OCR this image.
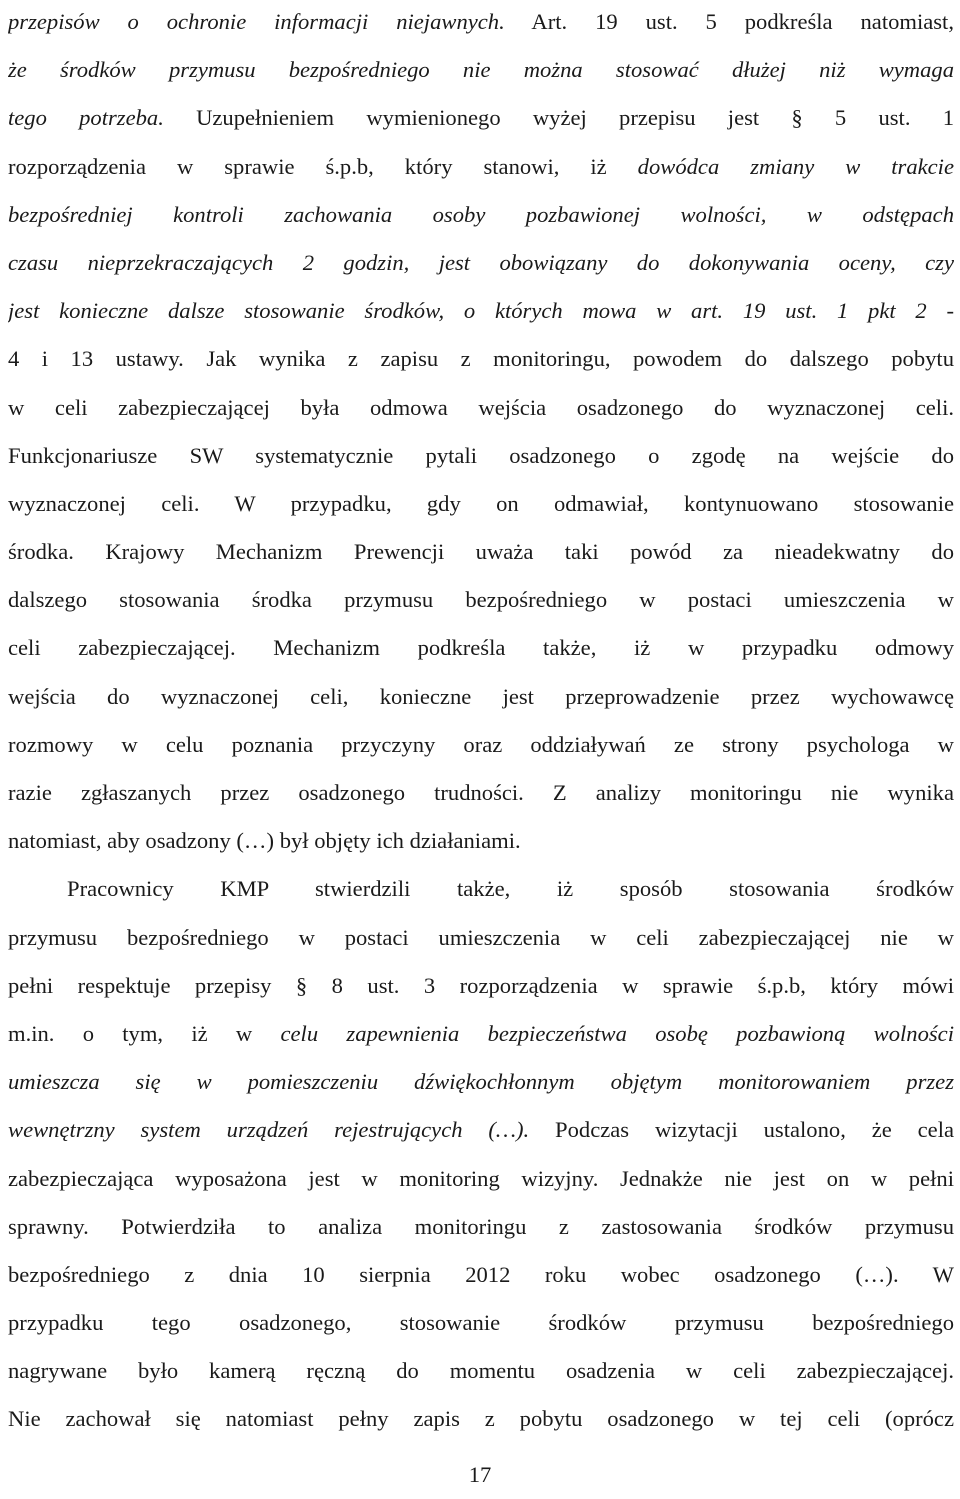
przepisów o ochronie informacji niejawnych. Art. 19 ust. 5 podkreśla natomiast,
że środków przymusu bezpośredniego nie można stosować dłużej niż wymaga
tego potrzeba. Uzupełnieniem wymienionego wyżej przepisu jest § 5 ust. 1
rozporządzenia w sprawie ś.p.b, który stanowi, iż dowódca zmiany w trakcie
bezpośredniej kontroli zachowania osoby pozbawionej wolności, w odstępach
czasu nieprzekraczających 2 godzin, jest obowiązany do dokonywania oceny, czy
jest konieczne dalsze stosowanie środków, o których mowa w art. 19 ust. 1 pkt 2 -
4 i 13 ustawy. Jak wynika z zapisu z monitoringu, powodem do dalszego pobytu
w celi zabezpieczającej była odmowa wejścia osadzonego do wyznaczonej celi.
Funkcjonariusze SW systematycznie pytali osadzonego o zgodę na wejście do
wyznaczonej celi. W przypadku, gdy on odmawiał, kontynuowano stosowanie
środka. Krajowy Mechanizm Prewencji uważa taki powód za nieadekwatny do
dalszego stosowania środka przymusu bezpośredniego w postaci umieszczenia w
celi zabezpieczającej. Mechanizm podkreśla także, iż w przypadku odmowy
wejścia do wyznaczonej celi, konieczne jest przeprowadzenie przez wychowawcę
rozmowy w celu poznania przyczyny oraz oddziaływań ze strony psychologa w
razie zgłaszanych przez osadzonego trudności. Z analizy monitoringu nie wynika
natomiast, aby osadzony (…) był objęty ich działaniami.
Pracownicy KMP stwierdzili także, iż sposób stosowania środków
przymusu bezpośredniego w postaci umieszczenia w celi zabezpieczającej nie w
pełni respektuje przepisy § 8 ust. 3 rozporządzenia w sprawie ś.p.b, który mówi
m.in. o tym, iż w celu zapewnienia bezpieczeństwa osobę pozbawioną wolności
umieszcza się w pomieszczeniu dźwiękochłonnym objętym monitorowaniem przez
wewnętrzny system urządzeń rejestrujących (…). Podczas wizytacji ustalono, że cela
zabezpieczająca wyposażona jest w monitoring wizyjny. Jednakże nie jest on w pełni
sprawny. Potwierdziła to analiza monitoringu z zastosowania środków przymusu
bezpośredniego z dnia 10 sierpnia 2012 roku wobec osadzonego (…). W
przypadku tego osadzonego, stosowanie środków przymusu bezpośredniego
nagrywane było kamerą ręczną do momentu osadzenia w celi zabezpieczającej.
Nie zachował się natomiast pełny zapis z pobytu osadzonego w tej celi (oprócz
17
